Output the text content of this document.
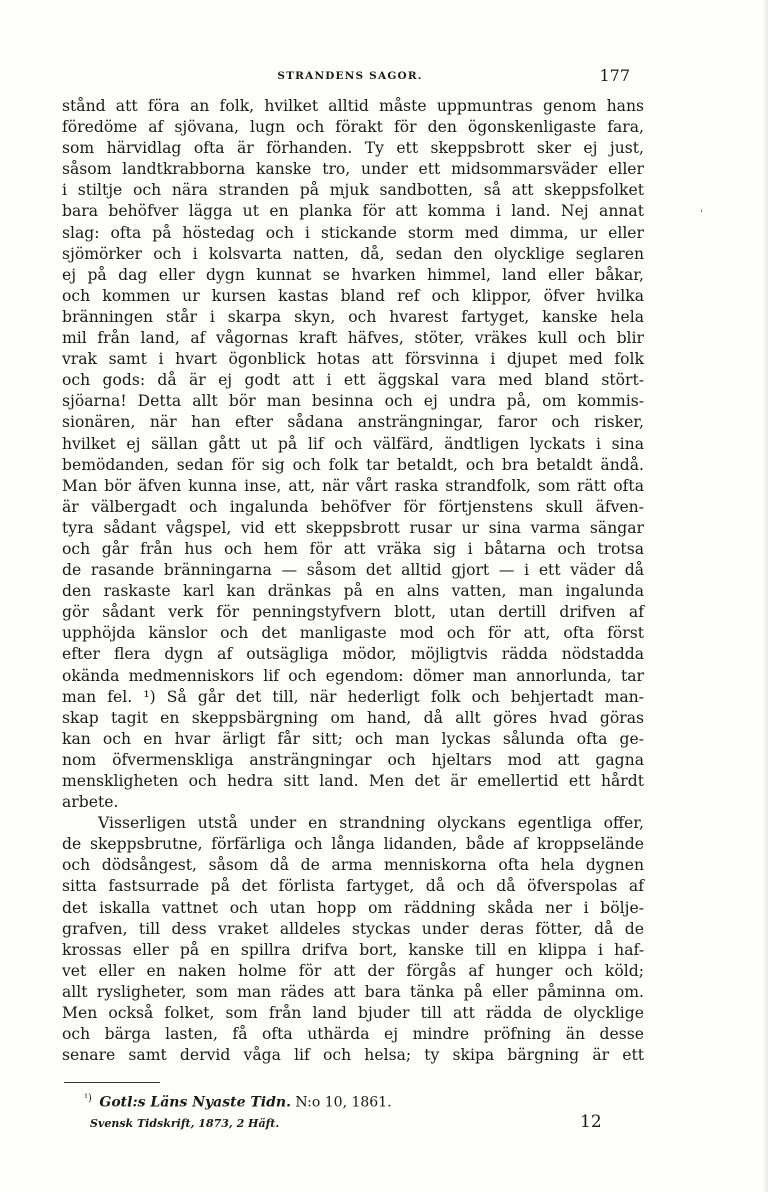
STRANDENS SAGOR.	177
stånd att föra an folk, hvilket alltid måste uppmuntras genom hans
föredöme af sjövana, lugn och förakt för den ögonskenligaste fara,
som härvidlag ofta är förhanden. Ty ett skeppsbrott sker ej just,
såsom landtkrabborna kanske tro, under ett midsommarsväder eller
i stiltje och nära stranden på mjuk sandbotten, så att skeppsfolket
bara behöfver lägga ut en planka för att komma i land. Nej annat
slag: ofta på höstedag och i stickande storm med dimma, ur eller
sjömörker och i kolsvarta natten, då, sedan den olycklige seglaren
ej på dag eller dygn kunnat se hvarken himmel, land eller båkar,
och kommen ur kursen kastas bland ref och klippor, öfver hvilka
bränningen står i skarpa skyn, och hvarest fartyget, kanske hela
mil från land, af vågornas kraft häfves, stöter, vräkes kull och blir
vrak samt i hvart ögonblick hotas att försvinna i djupet med folk
och gods: då är ej godt att i ett äggskal vara med bland stört-
sjöarna! Detta allt bör man besinna och ej undra på, om kommis-
sionären, när han efter sådana ansträngningar, faror och risker,
hvilket ej sällan gått ut på lif och välfärd, ändtligen lyckats i sina
bemödanden, sedan för sig och folk tar betaldt, och bra betaldt ändå.
Man bör äfven kunna inse, att, när vårt raska strandfolk, som rätt ofta
är välbergadt och ingalunda behöfver för förtjenstens skull äfven-
tyra sådant vågspel, vid ett skeppsbrott rusar ur sina varma sängar
och går från hus och hem för att vräka sig i båtarna och trotsa
de rasande bränningarna — såsom det alltid gjort — i ett väder då
den raskaste karl kan dränkas på en alns vatten, man ingalunda
gör sådant verk för penningstyfvern blott, utan dertill drifven af
upphöjda känslor och det manligaste mod och för att, ofta först
efter flera dygn af outsägliga mödor, möjligtvis rädda nödstadda
okända medmenniskors lif och egendom: dömer man annorlunda, tar
man fel. ¹) Så går det till, när hederligt folk och behjertadt man-
skap tagit en skeppsbärgning om hand, då allt göres hvad göras
kan och en hvar ärligt får sitt; och man lyckas sålunda ofta ge-
nom öfvermenskliga ansträngningar och hjeltars mod att gagna
menskligheten och hedra sitt land. Men det är emellertid ett hårdt
arbete.
Visserligen utstå under en strandning olyckans egentliga offer,
de skeppsbrutne, förfärliga och långa lidanden, både af kroppselände
och dödsångest, såsom då de arma menniskorna ofta hela dygnen
sitta fastsurrade på det förlista fartyget, då och då öfverspolas af
det iskalla vattnet och utan hopp om räddning skåda ner i bölje-
grafven, till dess vraket alldeles styckas under deras fötter, då de
krossas eller på en spillra drifva bort, kanske till en klippa i haf-
vet eller en naken holme för att der förgås af hunger och köld;
allt rysligheter, som man rädes att bara tänka på eller påminna om.
Men också folket, som från land bjuder till att rädda de olycklige
och bärga lasten, få ofta uthärda ej mindre pröfning än desse
senare samt dervid våga lif och helsa; ty skipa bärgning är ett
$^{^1)}$ Gotl:s Läns Nyaste Tidn. N:o 10, 1861.
Svensk Tidskrift, 1873, 2 Häft.	12
ˏ
